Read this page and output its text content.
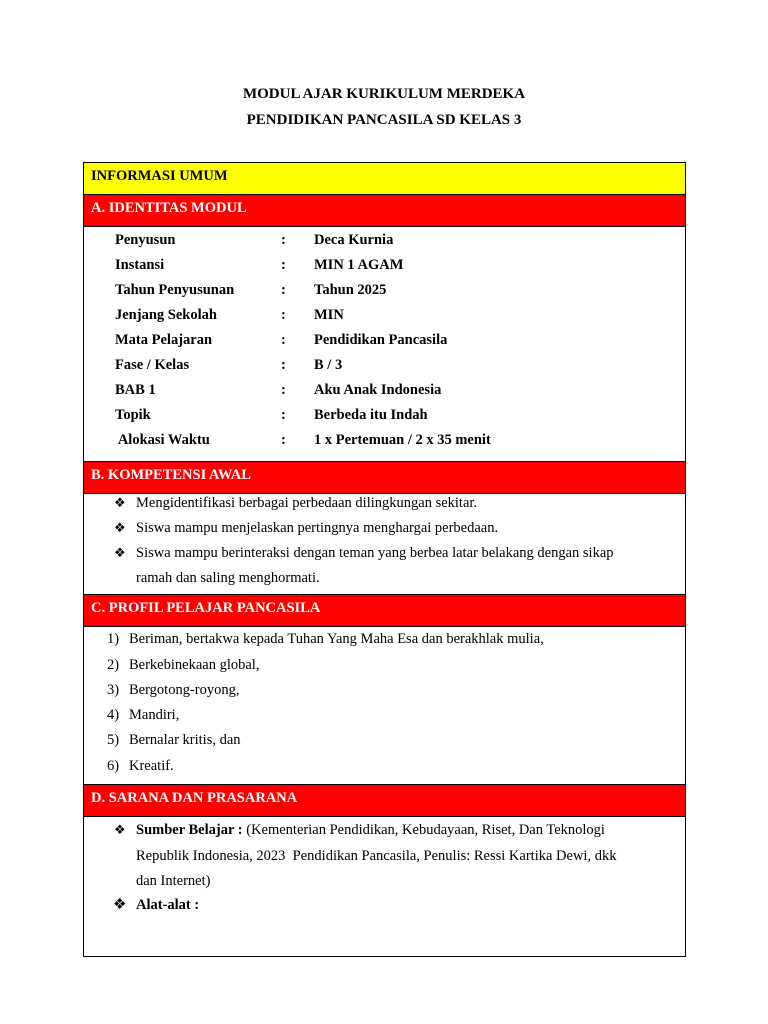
MODUL AJAR KURIKULUM MERDEKA
PENDIDIKAN PANCASILA SD KELAS 3
INFORMASI UMUM
A. IDENTITAS MODUL
Penyusun	: Deca Kurnia
Instansi	: MIN 1 AGAM
Tahun Penyusunan	: Tahun 2025
Jenjang Sekolah	: MIN
Mata Pelajaran	: Pendidikan Pancasila
Fase / Kelas	: B / 3
BAB 1	: Aku Anak Indonesia
Topik	: Berbeda itu Indah
Alokasi Waktu	: 1 x Pertemuan / 2 x 35 menit
B. KOMPETENSI AWAL
❖ Mengidentifikasi berbagai perbedaan dilingkungan sekitar.
❖ Siswa mampu menjelaskan pertingnya menghargai perbedaan.
❖ Siswa mampu berinteraksi dengan teman yang berbea latar belakang dengan sikap
ramah dan saling menghormati.
C. PROFIL PELAJAR PANCASILA
1) Beriman, bertakwa kepada Tuhan Yang Maha Esa dan berakhlak mulia,
2) Berkebinekaan global,
3) Bergotong-royong,
4) Mandiri,
5) Bernalar kritis, dan
6) Kreatif.
D. SARANA DAN PRASARANA
❖ Sumber Belajar : (Kementerian Pendidikan, Kebudayaan, Riset, Dan Teknologi
Republik Indonesia, 2023  Pendidikan Pancasila, Penulis: Ressi Kartika Dewi, dkk
dan Internet)
❖ Alat-alat :
